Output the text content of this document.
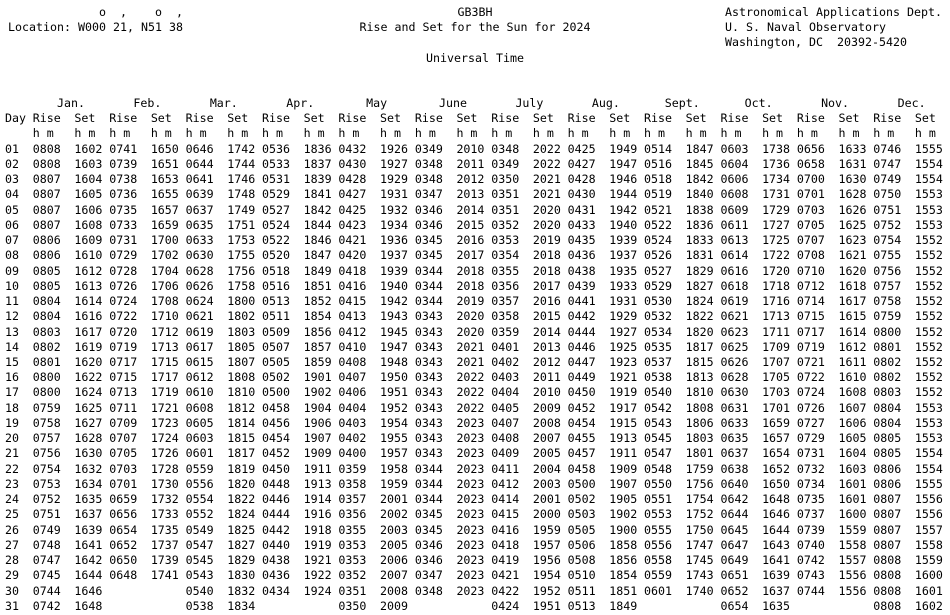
o  ,    o  ,
Location: W000 21, N51 38
GB3BH
Rise and Set for the Sun for 2024
Universal Time
Astronomical Applications Dept.
U. S. Naval Observatory
Washington, DC  20392-5420
	Jan.		Feb.		Mar.		Apr.		May		June		July		Aug.		Sept.		Oct.		Nov.		Dec.	
Day	Rise	Set	Rise	Set	Rise	Set	Rise	Set	Rise	Set	Rise	Set	Rise	Set	Rise	Set	Rise	Set	Rise	Set	Rise	Set	Rise	Set
	h m	h m	h m	h m	h m	h m	h m	h m	h m	h m	h m	h m	h m	h m	h m	h m	h m	h m	h m	h m	h m	h m	h m	h m
01	0808	1602	0741	1650	0646	1742	0536	1836	0432	1926	0349	2010	0348	2022	0425	1949	0514	1847	0603	1738	0656	1633	0746	1555
02	0808	1603	0739	1651	0644	1744	0533	1837	0430	1927	0348	2011	0349	2022	0427	1947	0516	1845	0604	1736	0658	1631	0747	1554
03	0807	1604	0738	1653	0641	1746	0531	1839	0428	1929	0348	2012	0350	2021	0428	1946	0518	1842	0606	1734	0700	1630	0749	1554
04	0807	1605	0736	1655	0639	1748	0529	1841	0427	1931	0347	2013	0351	2021	0430	1944	0519	1840	0608	1731	0701	1628	0750	1553
05	0807	1606	0735	1657	0637	1749	0527	1842	0425	1932	0346	2014	0351	2020	0431	1942	0521	1838	0609	1729	0703	1626	0751	1553
06	0807	1608	0733	1659	0635	1751	0524	1844	0423	1934	0346	2015	0352	2020	0433	1940	0522	1836	0611	1727	0705	1625	0752	1553
07	0806	1609	0731	1700	0633	1753	0522	1846	0421	1936	0345	2016	0353	2019	0435	1939	0524	1833	0613	1725	0707	1623	0754	1552
08	0806	1610	0729	1702	0630	1755	0520	1847	0420	1937	0345	2017	0354	2018	0436	1937	0526	1831	0614	1722	0708	1621	0755	1552
09	0805	1612	0728	1704	0628	1756	0518	1849	0418	1939	0344	2018	0355	2018	0438	1935	0527	1829	0616	1720	0710	1620	0756	1552
10	0805	1613	0726	1706	0626	1758	0516	1851	0416	1940	0344	2018	0356	2017	0439	1933	0529	1827	0618	1718	0712	1618	0757	1552
11	0804	1614	0724	1708	0624	1800	0513	1852	0415	1942	0344	2019	0357	2016	0441	1931	0530	1824	0619	1716	0714	1617	0758	1552
12	0804	1616	0722	1710	0621	1802	0511	1854	0413	1943	0343	2020	0358	2015	0442	1929	0532	1822	0621	1713	0715	1615	0759	1552
13	0803	1617	0720	1712	0619	1803	0509	1856	0412	1945	0343	2020	0359	2014	0444	1927	0534	1820	0623	1711	0717	1614	0800	1552
14	0802	1619	0719	1713	0617	1805	0507	1857	0410	1947	0343	2021	0401	2013	0446	1925	0535	1817	0625	1709	0719	1612	0801	1552
15	0801	1620	0717	1715	0615	1807	0505	1859	0408	1948	0343	2021	0402	2012	0447	1923	0537	1815	0626	1707	0721	1611	0802	1552
16	0800	1622	0715	1717	0612	1808	0502	1901	0407	1950	0343	2022	0403	2011	0449	1921	0538	1813	0628	1705	0722	1610	0802	1552
17	0800	1624	0713	1719	0610	1810	0500	1902	0406	1951	0343	2022	0404	2010	0450	1919	0540	1810	0630	1703	0724	1608	0803	1552
18	0759	1625	0711	1721	0608	1812	0458	1904	0404	1952	0343	2022	0405	2009	0452	1917	0542	1808	0631	1701	0726	1607	0804	1553
19	0758	1627	0709	1723	0605	1814	0456	1906	0403	1954	0343	2023	0407	2008	0454	1915	0543	1806	0633	1659	0727	1606	0804	1553
20	0757	1628	0707	1724	0603	1815	0454	1907	0402	1955	0343	2023	0408	2007	0455	1913	0545	1803	0635	1657	0729	1605	0805	1553
21	0756	1630	0705	1726	0601	1817	0452	1909	0400	1957	0343	2023	0409	2005	0457	1911	0547	1801	0637	1654	0731	1604	0805	1554
22	0754	1632	0703	1728	0559	1819	0450	1911	0359	1958	0344	2023	0411	2004	0458	1909	0548	1759	0638	1652	0732	1603	0806	1554
23	0753	1634	0701	1730	0556	1820	0448	1913	0358	1959	0344	2023	0412	2003	0500	1907	0550	1756	0640	1650	0734	1601	0806	1555
24	0752	1635	0659	1732	0554	1822	0446	1914	0357	2001	0344	2023	0414	2001	0502	1905	0551	1754	0642	1648	0735	1601	0807	1556
25	0751	1637	0656	1733	0552	1824	0444	1916	0356	2002	0345	2023	0415	2000	0503	1902	0553	1752	0644	1646	0737	1600	0807	1556
26	0749	1639	0654	1735	0549	1825	0442	1918	0355	2003	0345	2023	0416	1959	0505	1900	0555	1750	0645	1644	0739	1559	0807	1557
27	0748	1641	0652	1737	0547	1827	0440	1919	0353	2005	0346	2023	0418	1957	0506	1858	0556	1747	0647	1643	0740	1558	0807	1558
28	0747	1642	0650	1739	0545	1829	0438	1921	0353	2006	0346	2023	0419	1956	0508	1856	0558	1745	0649	1641	0742	1557	0808	1559
29	0745	1644	0648	1741	0543	1830	0436	1922	0352	2007	0347	2023	0421	1954	0510	1854	0559	1743	0651	1639	0743	1556	0808	1600
30	0744	1646			0540	1832	0434	1924	0351	2008	0348	2023	0422	1952	0511	1851	0601	1740	0652	1637	0744	1556	0808	1601
31	0742	1648			0538	1834			0350	2009			0424	1951	0513	1849			0654	1635			0808	1602
